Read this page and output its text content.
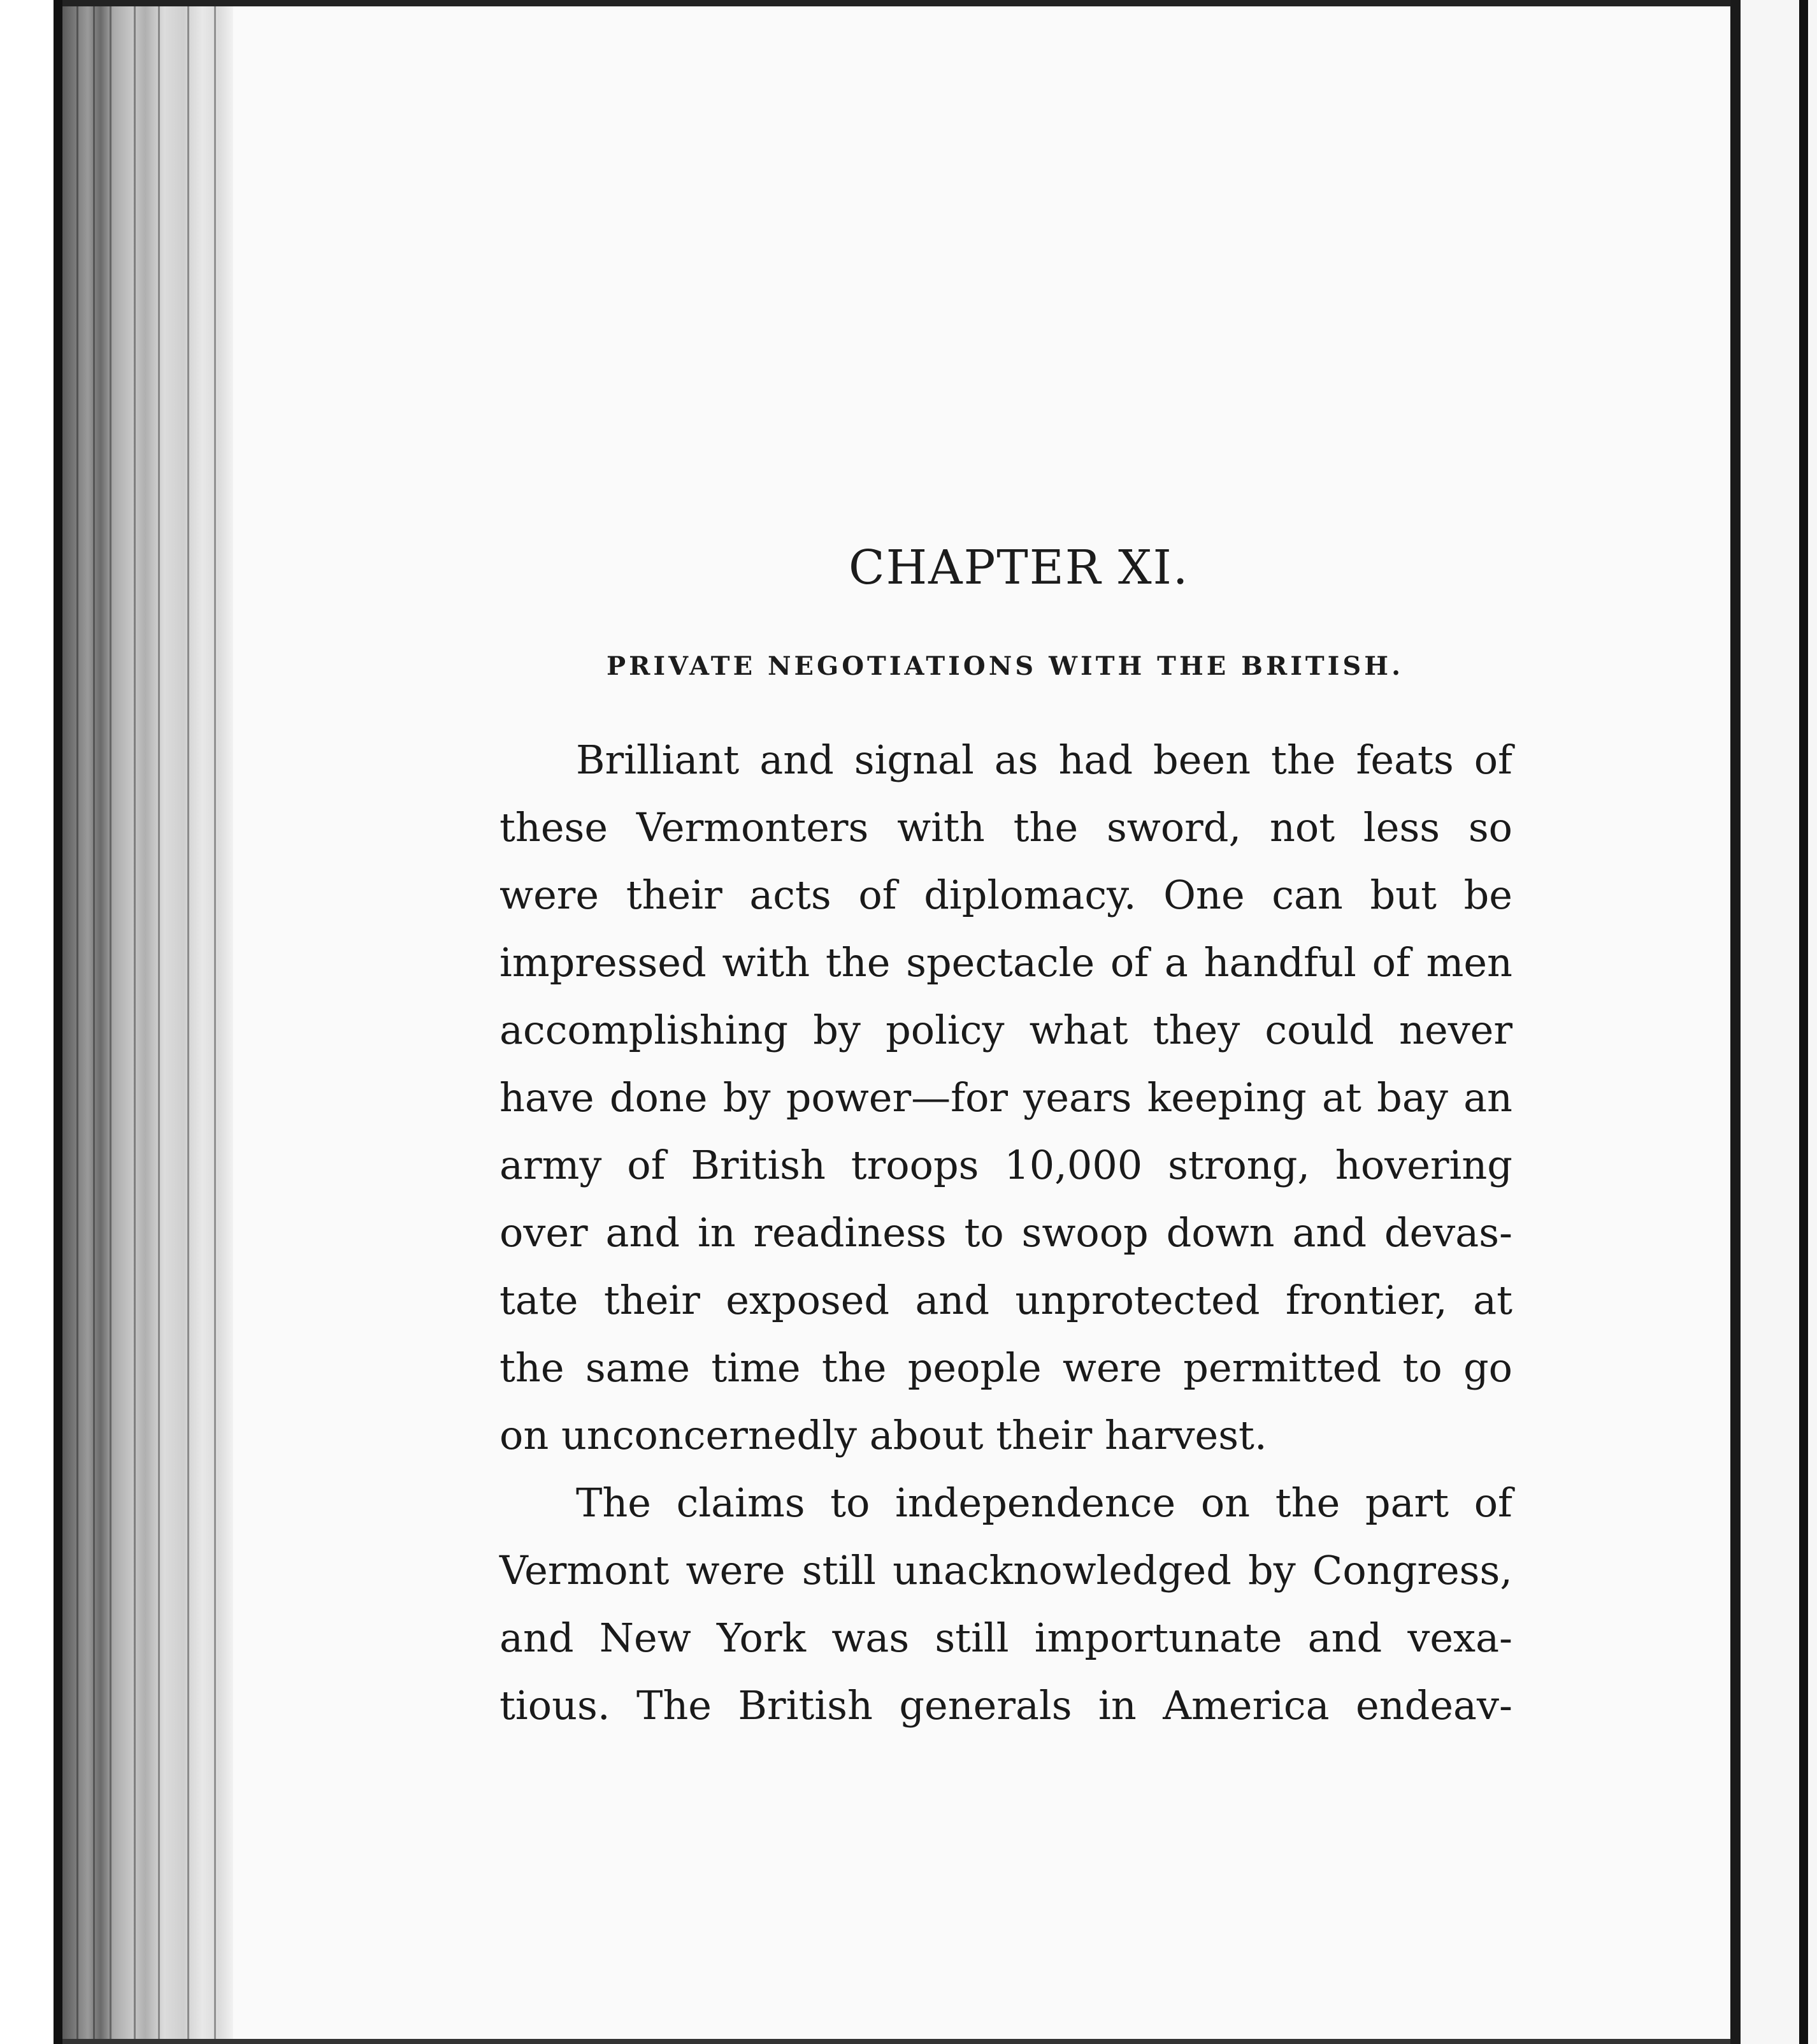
CHAPTER XI.
PRIVATE NEGOTIATIONS WITH THE BRITISH.
Brilliant and signal as had been the feats of
these Vermonters with the sword, not less so
were their acts of diplomacy. One can but be
impressed with the spectacle of a handful of men
accomplishing by policy what they could never
have done by power—for years keeping at bay an
army of British troops 10,000 strong, hovering
over and in readiness to swoop down and devas-
tate their exposed and unprotected frontier, at
the same time the people were permitted to go
on unconcernedly about their harvest.
The claims to independence on the part of
Vermont were still unacknowledged by Congress,
and New York was still importunate and vexa-
tious. The British generals in America endeav-
